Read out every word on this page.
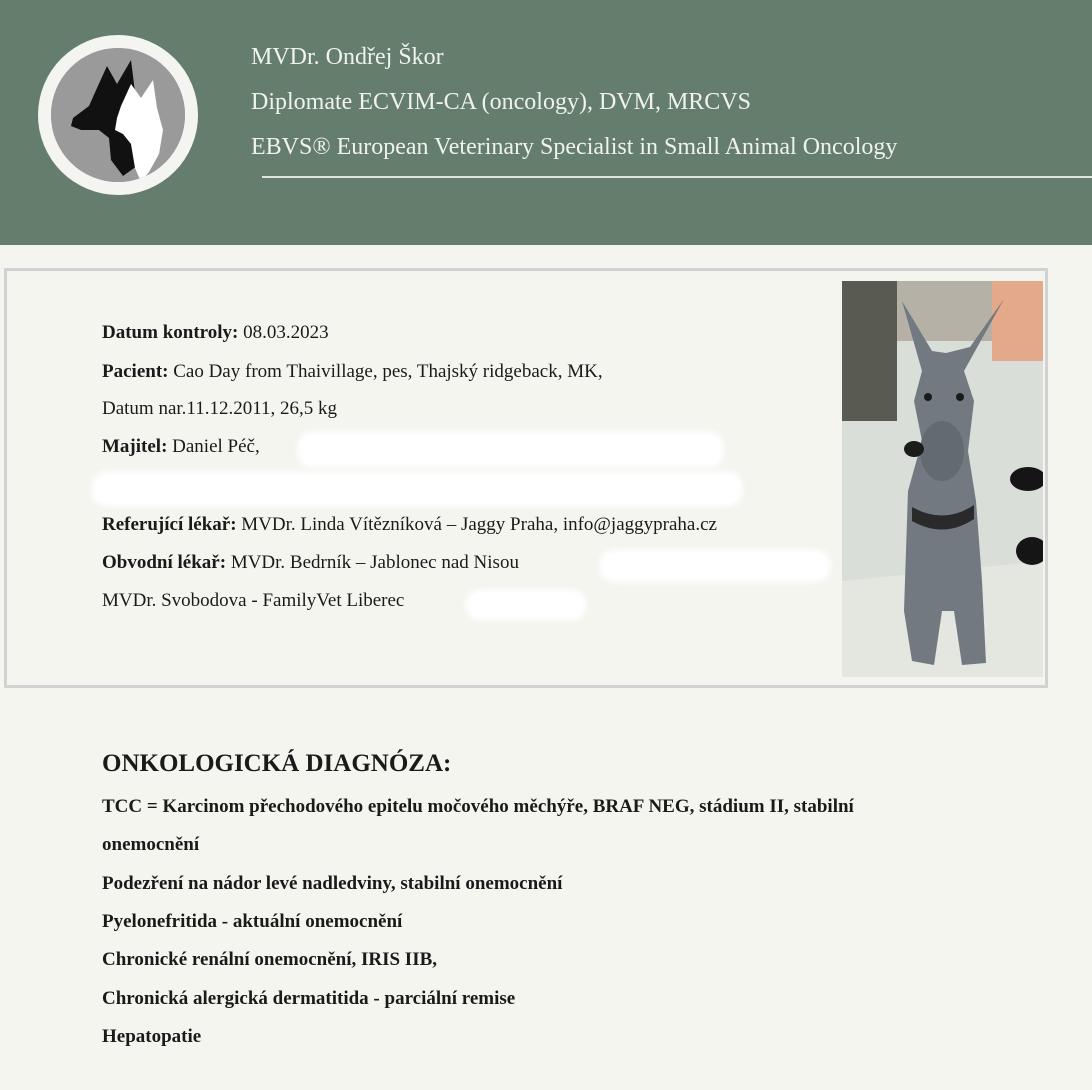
MVDr. Ondřej Škor
Diplomate ECVIM-CA (oncology), DVM, MRCVS
EBVS® European Veterinary Specialist in Small Animal Oncology
Datum kontroly: 08.03.2023
Pacient: Cao Day from Thaivillage, pes, Thajský ridgeback, MK,
Datum nar.11.12.2011, 26,5 kg
Majitel: Daniel Péč,
Referující lékař: MVDr. Linda Vítězníková – Jaggy Praha, info@jaggypraha.cz
Obvodní lékař: MVDr. Bedrník – Jablonec nad Nisou
MVDr. Svobodova - FamilyVet Liberec
ONKOLOGICKÁ DIAGNÓZA:
TCC = Karcinom přechodového epitelu močového měchýře, BRAF NEG, stádium II, stabilní
onemocnění
Podezření na nádor levé nadledviny, stabilní onemocnění
Pyelonefritida - aktuální onemocnění
Chronické renální onemocnění, IRIS IIB,
Chronická alergická dermatitida - parciální remise
Hepatopatie
